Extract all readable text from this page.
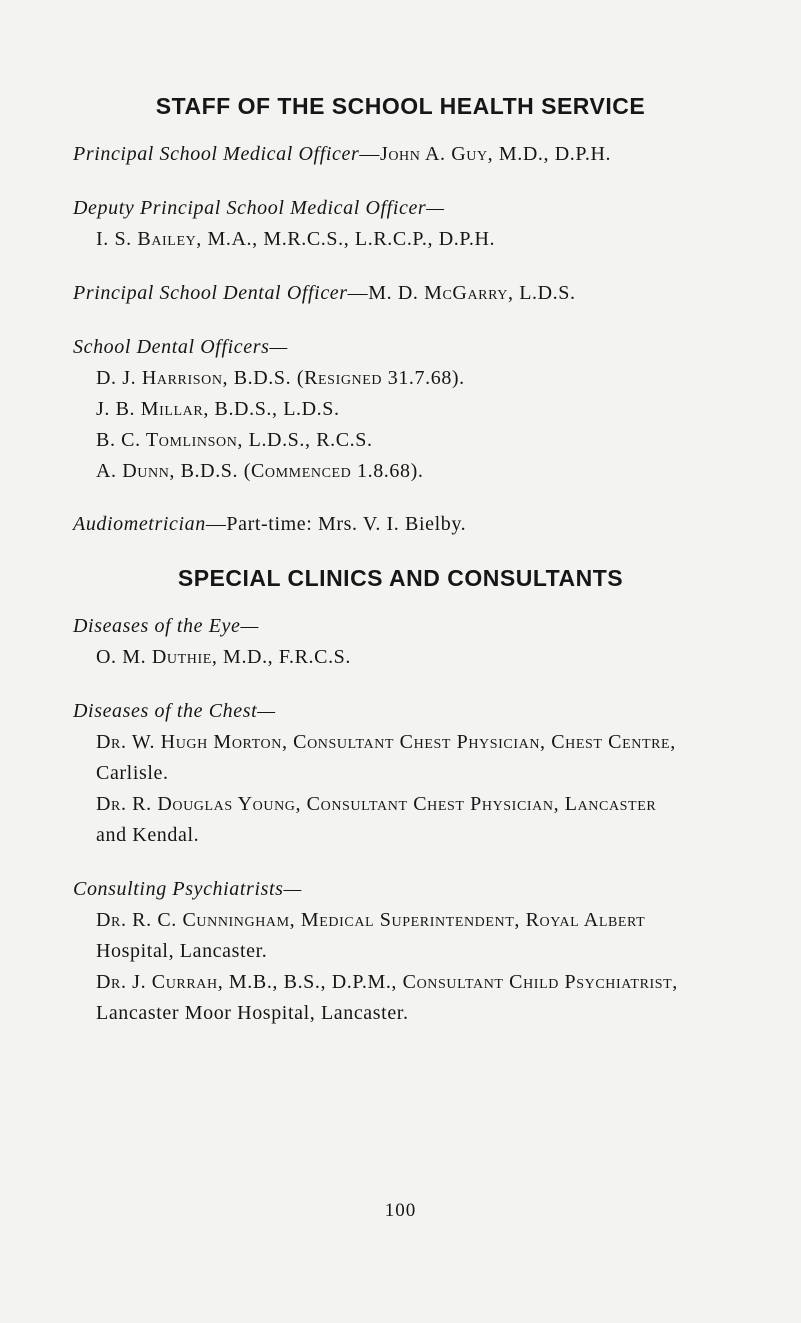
STAFF OF THE SCHOOL HEALTH SERVICE
Principal School Medical Officer—John A. Guy, M.D., D.P.H.
Deputy Principal School Medical Officer—
I. S. Bailey, M.A., M.R.C.S., L.R.C.P., D.P.H.
Principal School Dental Officer—M. D. McGarry, L.D.S.
School Dental Officers—
D. J. Harrison, B.D.S. (Resigned 31.7.68).
J. B. Millar, B.D.S., L.D.S.
B. C. Tomlinson, L.D.S., R.C.S.
A. Dunn, B.D.S. (Commenced 1.8.68).
Audiometrician—Part-time: Mrs. V. I. Bielby.
SPECIAL CLINICS AND CONSULTANTS
Diseases of the Eye—
O. M. Duthie, M.D., F.R.C.S.
Diseases of the Chest—
Dr. W. Hugh Morton, Consultant Chest Physician, Chest Centre,
Carlisle.
Dr. R. Douglas Young, Consultant Chest Physician, Lancaster
and Kendal.
Consulting Psychiatrists—
Dr. R. C. Cunningham, Medical Superintendent, Royal Albert
Hospital, Lancaster.
Dr. J. Currah, M.B., B.S., D.P.M., Consultant Child Psychiatrist,
Lancaster Moor Hospital, Lancaster.
100
